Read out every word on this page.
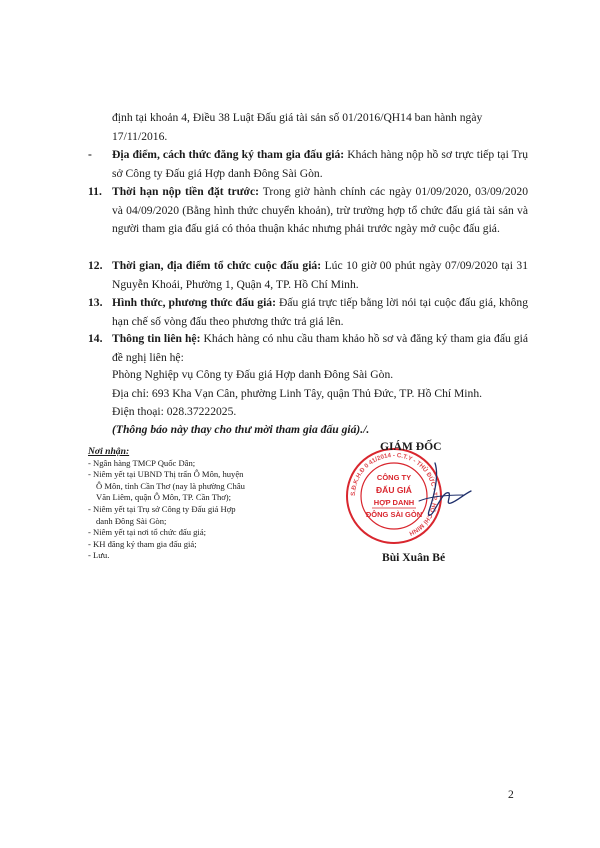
định tại khoản 4, Điều 38 Luật Đấu giá tài sản số 01/2016/QH14 ban hành ngày
17/11/2016.
- Địa điểm, cách thức đăng ký tham gia đấu giá: Khách hàng nộp hồ sơ trực tiếp tại Trụ sở Công ty Đấu giá Hợp danh Đông Sài Gòn.
11. Thời hạn nộp tiền đặt trước: Trong giờ hành chính các ngày 01/09/2020, 03/09/2020 và 04/09/2020 (Bằng hình thức chuyển khoản), trừ trường hợp tổ chức đấu giá tài sản và người tham gia đấu giá có thỏa thuận khác nhưng phải trước ngày mở cuộc đấu giá.
12. Thời gian, địa điểm tổ chức cuộc đấu giá: Lúc 10 giờ 00 phút ngày 07/09/2020 tại 31 Nguyễn Khoái, Phường 1, Quận 4, TP. Hồ Chí Minh.
13. Hình thức, phương thức đấu giá: Đấu giá trực tiếp bằng lời nói tại cuộc đấu giá, không hạn chế số vòng đấu theo phương thức trả giá lên.
14. Thông tin liên hệ: Khách hàng có nhu cầu tham khảo hồ sơ và đăng ký tham gia đấu giá đề nghị liên hệ:
Phòng Nghiệp vụ Công ty Đấu giá Hợp danh Đông Sài Gòn.
Địa chỉ: 693 Kha Vạn Cân, phường Linh Tây, quận Thủ Đức, TP. Hồ Chí Minh.
Điện thoại: 028.37222025.
(Thông báo này thay cho thư mời tham gia đấu giá)./.
Nơi nhận:
- Ngân hàng TMCP Quốc Dân;
- Niêm yết tại UBND Thị trấn Ô Môn, huyện
Ô Môn, tỉnh Cần Thơ (nay là phường Châu
Văn Liêm, quận Ô Môn, TP. Cần Thơ);
- Niêm yết tại Trụ sở Công ty Đấu giá Hợp
danh Đông Sài Gòn;
- Niêm yết tại nơi tổ chức đấu giá;
- KH đăng ký tham gia đấu giá;
- Lưu.
S.Đ.K.H.Đ 0 41/2014 - C.T.Y - THỦ ĐỨC - TP. HỒ CHÍ MINH
CÔNG TY
ĐẤU GIÁ
HỢP DANH
ĐÔNG SÀI GÒN
GIÁM ĐỐC
Bùi Xuân Bé
2
